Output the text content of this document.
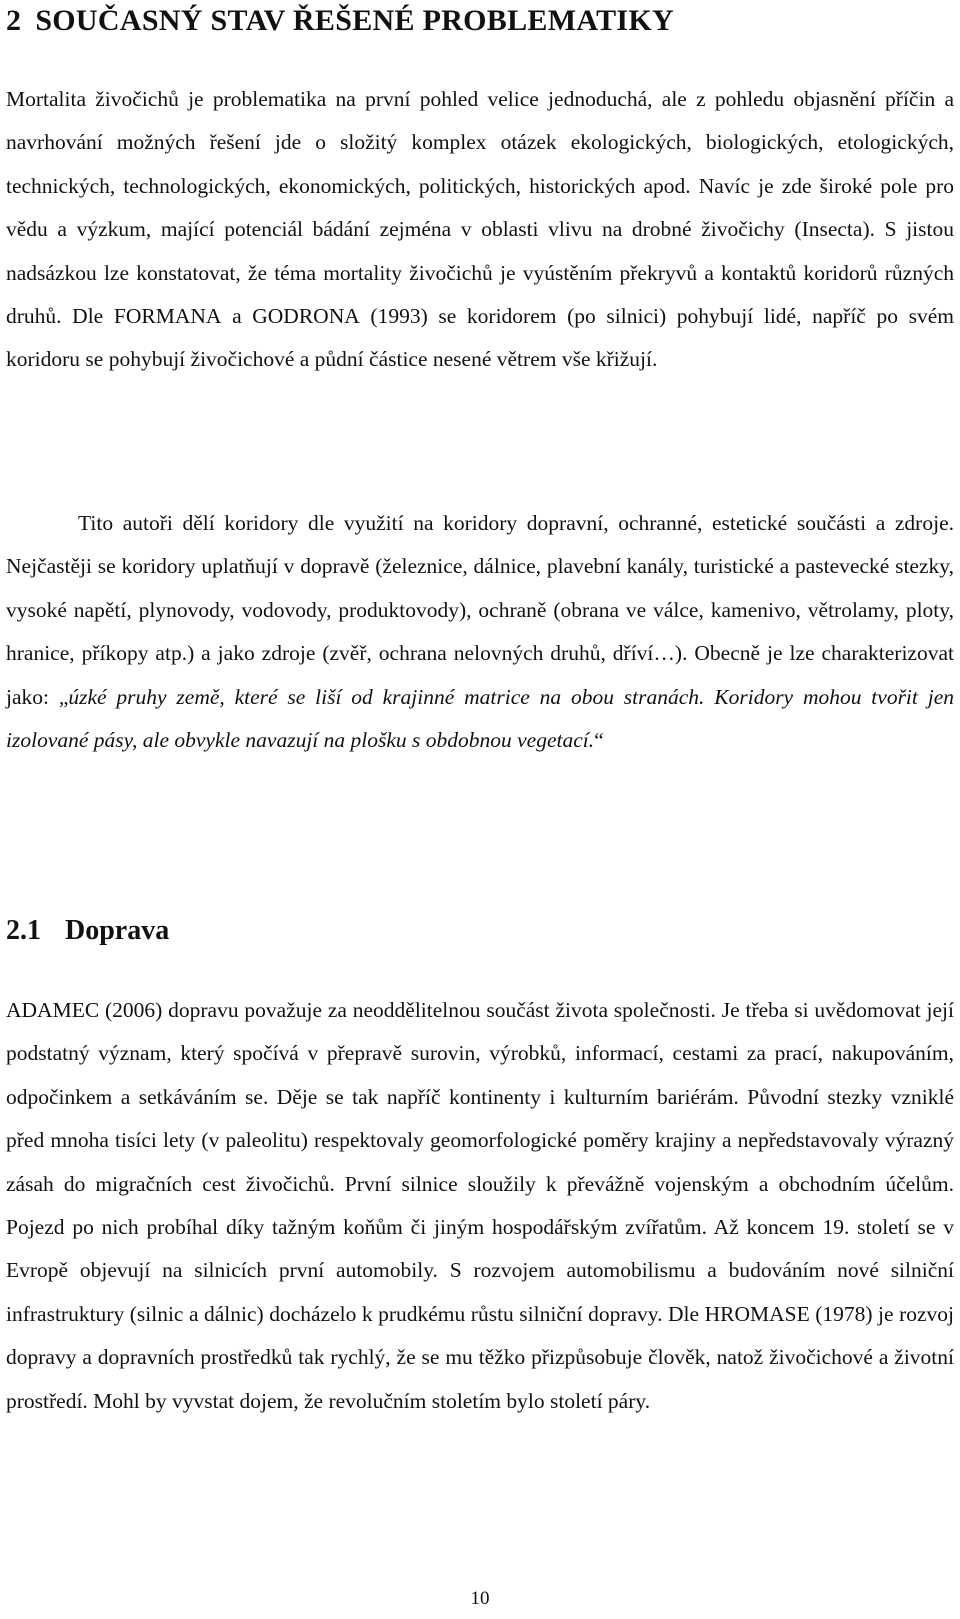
2 SOUČASNÝ STAV ŘEŠENÉ PROBLEMATIKY

Mortalita živočichů je problematika na první pohled velice jednoduchá, ale z pohledu objasnění příčin a navrhování možných řešení jde o složitý komplex otázek ekologických, biologických, etologických, technických, technologických, ekonomických, politických, historických apod. Navíc je zde široké pole pro vědu a výzkum, mající potenciál bádání zejména v oblasti vlivu na drobné živočichy (Insecta). S jistou nadsázkou lze konstatovat, že téma mortality živočichů je vyústěním překryvů a kontaktů koridorů různých druhů. Dle FORMANA a GODRONA (1993) se koridorem (po silnici) pohybují lidé, napříč po svém koridoru se pohybují živočichové a půdní částice nesené větrem vše křižují.

Tito autoři dělí koridory dle využití na koridory dopravní, ochranné, estetické součásti a zdroje. Nejčastěji se koridory uplatňují v dopravě (železnice, dálnice, plavební kanály, turistické a pastevecké stezky, vysoké napětí, plynovody, vodovody, produktovody), ochraně (obrana ve válce, kamenivo, větrolamy, ploty, hranice, příkopy atp.) a jako zdroje (zvěř, ochrana nelovných druhů, dříví…). Obecně je lze charakterizovat jako: „úzké pruhy země, které se liší od krajinné matrice na obou stranách. Koridory mohou tvořit jen izolované pásy, ale obvykle navazují na plošku s obdobnou vegetací.“

2.1 Doprava

ADAMEC (2006) dopravu považuje za neoddělitelnou součást života společnosti. Je třeba si uvědomovat její podstatný význam, který spočívá v přepravě surovin, výrobků, informací, cestami za prací, nakupováním, odpočinkem a setkáváním se. Děje se tak napříč kontinenty i kulturním bariérám. Původní stezky vzniklé před mnoha tisíci lety (v paleolitu) respektovaly geomorfologické poměry krajiny a nepředstavovaly výrazný zásah do migračních cest živočichů. První silnice sloužily k převážně vojenským a obchodním účelům. Pojezd po nich probíhal díky tažným koňům či jiným hospodářským zvířatům. Až koncem 19. století se v Evropě objevují na silnicích první automobily. S rozvojem automobilismu a budováním nové silniční infrastruktury (silnic a dálnic) docházelo k prudkému růstu silniční dopravy. Dle HROMASE (1978) je rozvoj dopravy a dopravních prostředků tak rychlý, že se mu těžko přizpůsobuje člověk, natož živočichové a životní prostředí. Mohl by vyvstat dojem, že revolučním stoletím bylo století páry.

10
